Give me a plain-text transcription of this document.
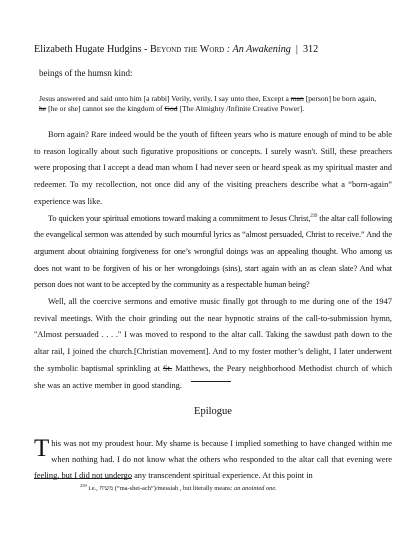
Elizabeth Hugate Hudgins - Beyond the Word : An Awakening | 312
beings of the humsn kind:
Jesus answered and said unto him [a rabbi] Verily, verily, I say unto thee, Except a man [person] be born again, he [he or she] cannot see the kingdom of God [The Almighty /Infinite Creative Power].

Born again? Rare indeed would be the youth of fifteen years who is mature enough of mind to be able to reason logically about such figurative propositions or concepts. I surely wasn't. Still, these preachers were proposing that I accept a dead man whom I had never seen or heard speak as my spiritual master and redeemer. To my recollection, not once did any of the visiting preachers describe what a “born-again” experience was like.

To quicken your spiritual emotions toward making a commitment to Jesus Christ,$^{239}$ the altar call following the evangelical sermon was attended by such mournful lyrics as “almost persuaded, Christ to receive.” And the argument about obtaining forgiveness for one’s wrongful doings was an appealing thought. Who among us does not want to be forgiven of his or her wrongdoings (sins), start again with an as clean slate? And what person does not want to be accepted by the community as a respectable human being?

Well, all the coercive sermons and emotive music finally got through to me during one of the 1947 revival meetings. With the choir grinding out the near hypnotic strains of the call-to-submission hymn, "Almost persuaded . . . ." I was moved to respond to the altar call. Taking the sawdust path down to the altar rail, I joined the church.[Christian movement]. And to my foster mother’s delight, I later underwent the symbolic baptismal sprinkling at St. Matthews, the Peary neighborhood Methodist church of which she was an active member in good standing.

Epilogue

This was not my proudest hour. My shame is because I implied something to have changed within me when nothing had. I do not know what the others who responded to the altar call that evening were feeling, but I did not undergo any transcendent spiritual experience. At this point in

$^{239}$ i.e., משיח (“ma-shei-ach”)/messiah , but literally means: an anointed one.
